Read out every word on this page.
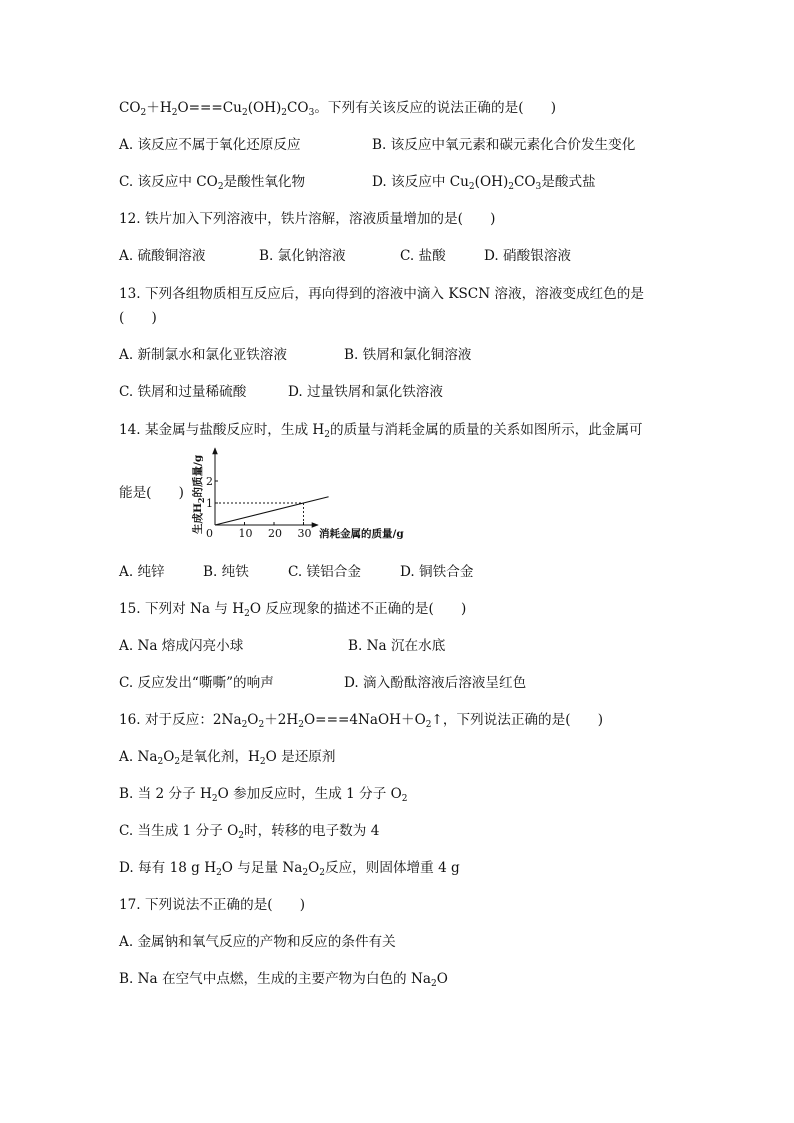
$CO_2+H_2O===Cu_2(OH)_2CO_3$。下列有关该反应的说法正确的是(　　)
A. 该反应不属于氧化还原反应	B. 该反应中氧元素和碳元素化合价发生变化
C. 该反应中 $CO_2$是酸性氧化物	D. 该反应中 $Cu_2(OH)_2CO_3$是酸式盐
12. 铁片加入下列溶液中，铁片溶解，溶液质量增加的是(　　)
A. 硫酸铜溶液	B. 氯化钠溶液	C. 盐酸	D. 硝酸银溶液
13. 下列各组物质相互反应后，再向得到的溶液中滴入 KSCN 溶液，溶液变成红色的是
(　　)
A. 新制氯水和氯化亚铁溶液	B. 铁屑和氯化铜溶液
C. 铁屑和过量稀硫酸	D. 过量铁屑和氯化铁溶液
14. 某金属与盐酸反应时，生成 $H_2$的质量与消耗金属的质量的关系如图所示，此金属可
能是(　　)
生成$H_2$的质量/g
10 20 30
1
2
0	消耗金属的质量/g
A. 纯锌	B. 纯铁	C. 镁铝合金	D. 铜铁合金
15. 下列对 Na 与 $H_2O$ 反应现象的描述不正确的是(　　)
A. Na 熔成闪亮小球	B. Na 沉在水底
C. 反应发出“嘶嘶”的响声	D. 滴入酚酞溶液后溶液呈红色
16. 对于反应：$2Na_2O_2+2H_2O===4NaOH+O_2↑$，下列说法正确的是(　　)
A. $Na_2O_2$是氧化剂，$H_2O$ 是还原剂
B. 当 2 分子 $H_2O$ 参加反应时，生成 1 分子 $O_2$
C. 当生成 1 分子 $O_2$时，转移的电子数为 4
D. 每有 18 g $H_2O$ 与足量 $Na_2O_2$反应，则固体增重 4 g
17. 下列说法不正确的是(　　)
A. 金属钠和氧气反应的产物和反应的条件有关
B. Na 在空气中点燃，生成的主要产物为白色的 $Na_2O$
